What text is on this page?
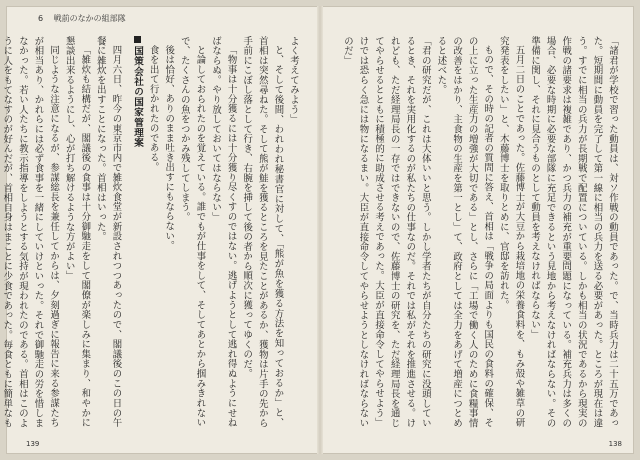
6 戦前のなかの組部隊

よく考えてみよう」

と、そして後間、われわれ秘書官に対して、「熊が魚を獲る方法を知っておるか」と、首相は突然尋ねた。そして熊が鮭を獲るところを見たことがあるか、獲物は片手の先から手前にこぼし落として行き、右腕を挿して後の者から順次に獲ってゆくのだ。

「物事は十分獲るには十分獲り尽くすのではない。逃げようとして逃れ得ぬようにせねばならぬ。やり放しておいてはならない」

と論しておられたのを覚えている。誰でもが仕事をして、そしてあとから掴みきれないで、たくさんの魚をつかみ残してしまう。

後は恰好、ありのまま吐き出すにもならない。

食を出て行かれたのである。

国策会社の国家管理案

四月六日、昨今の東京市内で雑炊食堂が新設されつつあったので、閣議後のこの日の午餐に雑炊を出すことになった。首相はいった。

「雑炊も結構だが、閣議後の食事は十分御馳走をして閣僚が楽しみに集まり、和やかに懇談出来るようにし、心が打ち解けるような方がよい」

同じような注意になるが、参謀総長を兼任してからは、夕刻過ぎに報告に来る参謀たちが相当あり、かれらには必ず食事を一緒にしていけといった。それで御馳走の労を惜しまなかった。若い人たちに教示指導をしようとする気持が現われたのである。首相はこのように人をもてなすのが好んだが、首相自身はまことに少食であった。毎食ともに簡単なも

139

「諸君が学校で習った動員は、対ソ作戦の動員であった。で、当時兵力は二十五万であった。短期間に動員を完了して第一線に相当の兵力を送る必要があった。ところが現在は違う。すでに相当の兵力が長期戦で配置についている。しかも相当の状況であるから現実の作戦の諸要求は複雑であり、かつ兵力の補充が重要問題になっている。補充兵力は多くの場合、必要な時期に必要な部隊に充足できるという見地から考えなければならない。その準備に関し、それに見合うものとして動員を考えなければならない」

五月二日のことであった。佐藤博士が大豆から栽培地の栄養食料を、もみ殻や雑草の研究発表をしたい」と、木藤博士を取りとめに、官邸を訪れた。

もので、その時の記者の質問に答え、首相は「戦争の局面よりも国民の食料の確保、その上に立った生産力の増強が大切である」とし、さらに「工場で働く人のために食糧事情の改善をはかり、主食物の生産を第一とし」て、政府としては全力をあげて増産につとめると述べた。

「君の研究だが、これは大体いいと思う。しかし学者たちが自分たちの研究に没頭しているとき、それを実用化するのが私たちの仕事なのだ。それでは私がそれを推進させる。けれども、ただ経理局長の一存ではできないので、佐藤博士の研究を、ただ経理局長を通じてやらせるとともに積極的に助成させる考えであった。大臣が直接命令してやらせよう」

けでは恐らく急には物になるまい。大臣が直接命令してやらせようとしなければならないのだ」

138
